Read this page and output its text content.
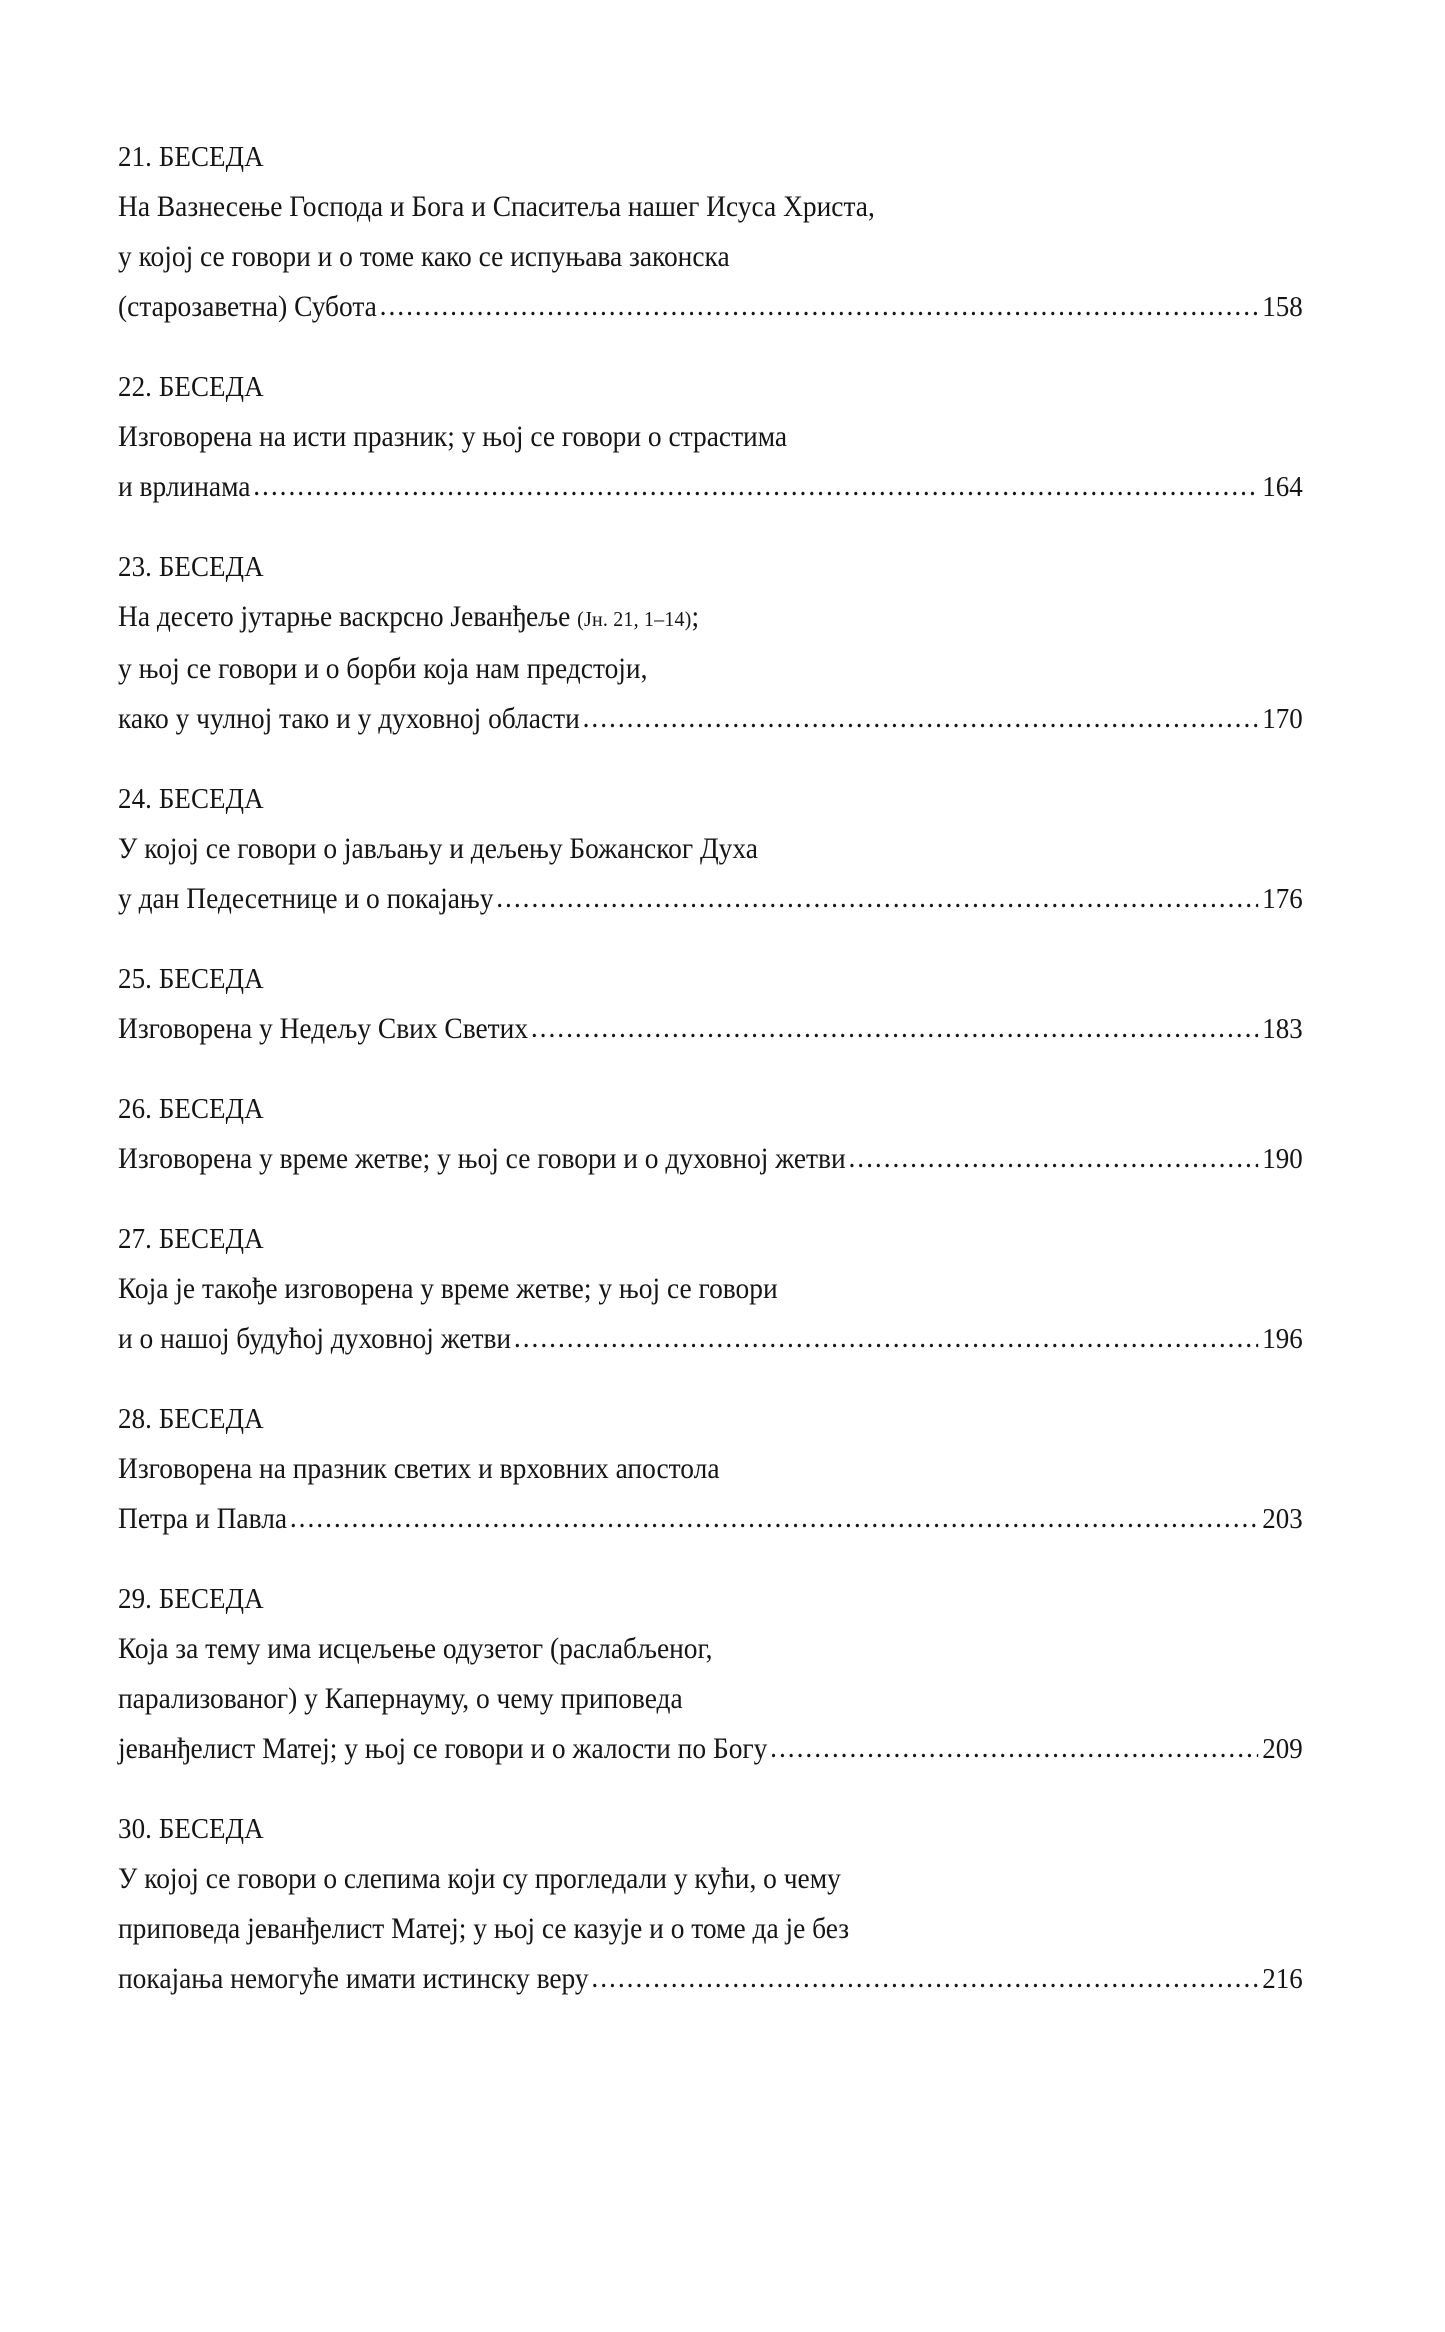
21. БЕСЕДА
На Вазнесење Господа и Бога и Спаситеља нашег Исуса Христа,
у којој се говори и о томе како се испуњава законска
(старозаветна) Субота .....	158
22. БЕСЕДА
Изговорена на исти празник; у њој се говори о страстима
и врлинама .....	164
23. БЕСЕДА
На десето јутарње васкрсно Јеванђеље (Јн. 21, 1–14);
у њој се говори и о борби која нам предстоји,
како у чулној тако и у духовној области .....	170
24. БЕСЕДА
У којој се говори о јављању и дељењу Божанског Духа
у дан Педесетнице и о покајању .....	176
25. БЕСЕДА
Изговорена у Недељу Свих Светих .....	183
26. БЕСЕДА
Изговорена у време жетве; у њој се говори и о духовној жетви .....	190
27. БЕСЕДА
Која је такође изговорена у време жетве; у њој се говори
и о нашој будућој духовној жетви .....	196
28. БЕСЕДА
Изговорена на празник светих и врховних апостола
Петра и Павла .....	203
29. БЕСЕДА
Која за тему има исцељење одузетог (раслабљеног,
парализованог) у Капернауму, о чему приповеда
јеванђелист Матеј; у њој се говори и о жалости по Богу .....	209
30. БЕСЕДА
У којој се говори о слепима који су прогледали у кући, о чему
приповеда јеванђелист Матеј; у њој се казује и о томе да је без
покајања немогуће имати истинску веру .....	216
